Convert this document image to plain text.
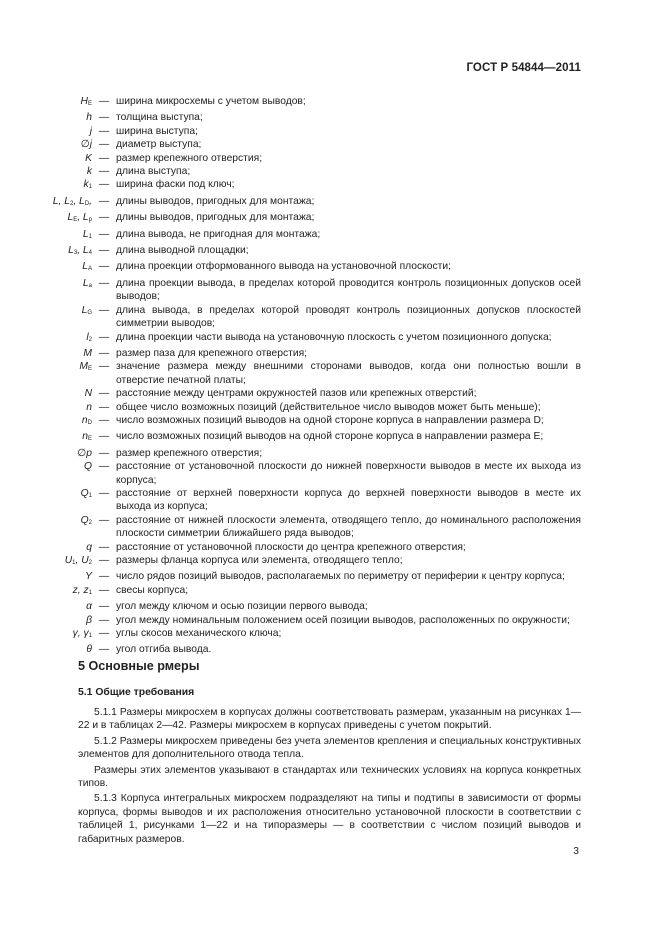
ГОСТ Р 54844—2011
$H_E$ — ширина микросхемы с учетом выводов;
h — толщина выступа;
j — ширина выступа;
∅j — диаметр выступа;
K — размер крепежного отверстия;
k — длина выступа;
$k_1$ — ширина фаски под ключ;
L, $L_2$, $L_D$, — длины выводов, пригодных для монтажа;
$L_E$, $L_p$ — длины выводов, пригодных для монтажа;
$L_1$ — длина вывода, не пригодная для монтажа;
$L_3$, $L_4$ — длина выводной площадки;
$L_A$ — длина проекции отформованного вывода на установочной плоскости;
$L_a$ — длина проекции вывода, в пределах которой проводится контроль позиционных допусков осей выводов;
$L_G$ — длина вывода, в пределах которой проводят контроль позиционных допусков плоскостей симметрии выводов;
$l_2$ — длина проекции части вывода на установочную плоскость с учетом позиционного допуска;
M — размер паза для крепежного отверстия;
$M_E$ — значение размера между внешними сторонами выводов, когда они полностью вошли в отверстие печатной платы;
N — расстояние между центрами окружностей пазов или крепежных отверстий;
n — общее число возможных позиций (действительное число выводов может быть меньше);
$n_D$ — число возможных позиций выводов на одной стороне корпуса в направлении размера D;
$n_E$ — число возможных позиций выводов на одной стороне корпуса в направлении размера E;
∅p — размер крепежного отверстия;
Q — расстояние от установочной плоскости до нижней поверхности выводов в месте их выхода из корпуса;
$Q_1$ — расстояние от верхней поверхности корпуса до верхней поверхности выводов в месте их выхода из корпуса;
$Q_2$ — расстояние от нижней плоскости элемента, отводящего тепло, до номинального расположения плоскости симметрии ближайшего ряда выводов;
q — расстояние от установочной плоскости до центра крепежного отверстия;
$U_1$, $U_2$ — размеры фланца корпуса или элемента, отводящего тепло;
Y — число рядов позиций выводов, располагаемых по периметру от периферии к центру корпуса;
z, $z_1$ — свесы корпуса;
α — угол между ключом и осью позиции первого вывода;
β — угол между номинальным положением осей позиции выводов, расположенных по окружности;
γ, $\gamma_1$ — углы скосов механического ключа;
θ — угол отгиба вывода.
5 Основные рмеры
5.1 Общие требования

5.1.1 Размеры микросхем в корпусах должны соответствовать размерам, указанным на рисунках 1—22 и в таблицах 2—42. Размеры микросхем в корпусах приведены с учетом покрытий.

5.1.2 Размеры микросхем приведены без учета элементов крепления и специальных конструктивных элементов для дополнительного отвода тепла.

Размеры этих элементов указывают в стандартах или технических условиях на корпуса конкретных типов.

5.1.3 Корпуса интегральных микросхем подразделяют на типы и подтипы в зависимости от формы корпуса, формы выводов и их расположения относительно установочной плоскости в соответствии с таблицей 1, рисунками 1—22 и на типоразмеры — в соответствии с числом позиций выводов и габаритных размеров.

3
